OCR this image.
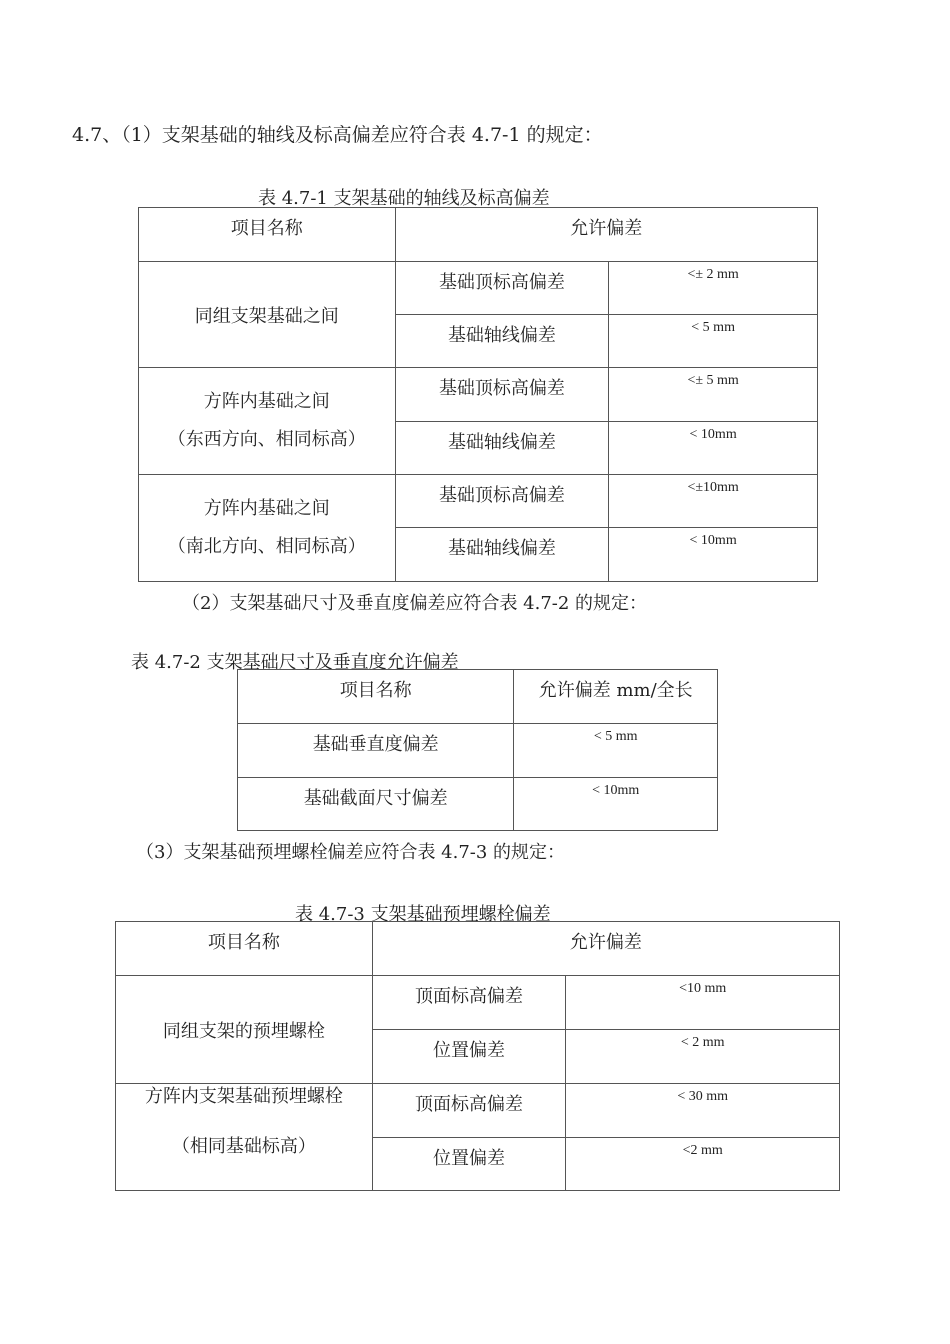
4.7、（1）支架基础的轴线及标高偏差应符合表 4.7-1 的规定：
表 4.7-1 支架基础的轴线及标高偏差
项目名称	允许偏差	
同组支架基础之间	基础顶标高偏差	<± 2 mm
	基础轴线偏差	< 5 mm

方阵内基础之间
（东西方向、相同标高）	基础顶标高偏差	<± 5 mm
	基础轴线偏差	< 10mm

方阵内基础之间
（南北方向、相同标高）	基础顶标高偏差	<±10mm
	基础轴线偏差	< 10mm
（2）支架基础尺寸及垂直度偏差应符合表 4.7-2 的规定：
表 4.7-2 支架基础尺寸及垂直度允许偏差
项目名称	允许偏差 mm/全长
基础垂直度偏差	< 5 mm
基础截面尺寸偏差	< 10mm
（3）支架基础预埋螺栓偏差应符合表 4.7-3 的规定：
表 4.7-3 支架基础预埋螺栓偏差
项目名称	允许偏差	
同组支架的预埋螺栓	顶面标高偏差	<10 mm
	位置偏差	< 2 mm

方阵内支架基础预埋螺栓
（相同基础标高）	顶面标高偏差	< 30 mm
	位置偏差	<2 mm
